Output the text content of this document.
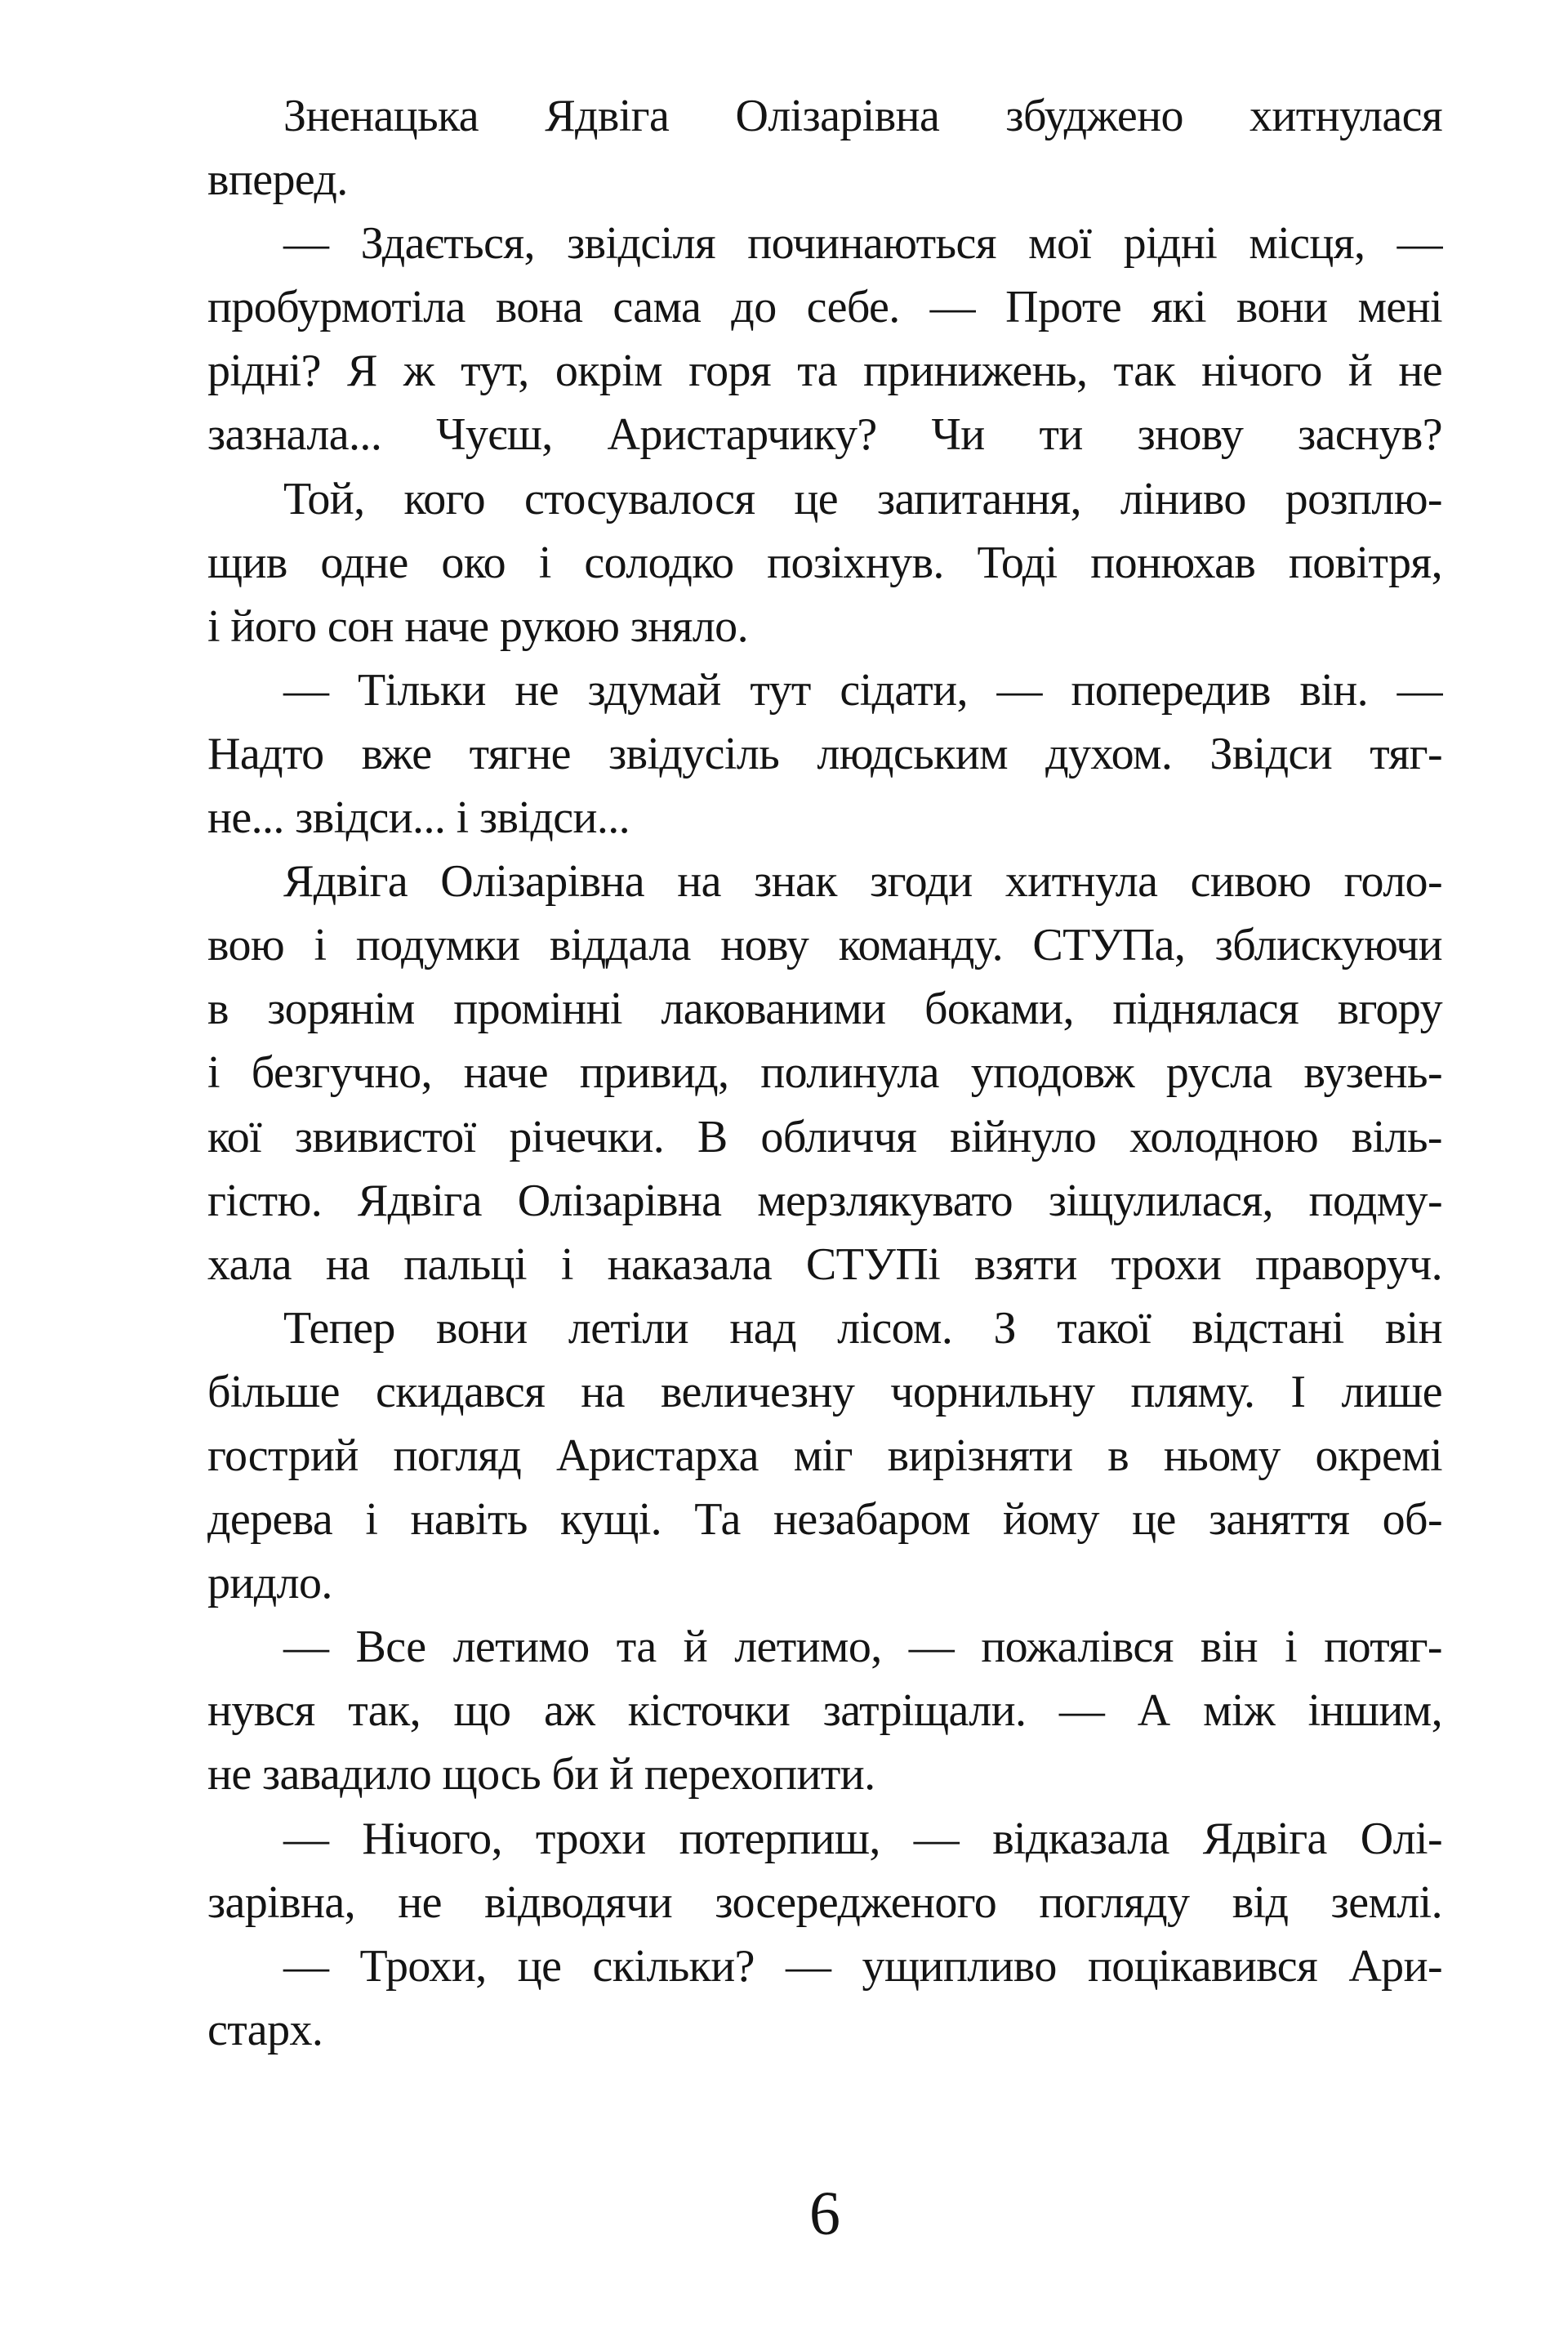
Зненацька Ядвіга Олізарівна збуджено хитнулася
вперед.
— Здається, звідсіля починаються мої рідні місця, —
пробурмотіла вона сама до себе. — Проте які вони мені
рідні? Я ж тут, окрім горя та принижень, так нічого й не
зазнала... Чуєш, Аристарчику? Чи ти знову заснув?
Той, кого стосувалося це запитання, ліниво розплю-
щив одне око і солодко позіхнув. Тоді понюхав повітря,
і його сон наче рукою зняло.
— Тільки не здумай тут сідати, — попередив він. —
Надто вже тягне звідусіль людським духом. Звідси тяг-
не... звідси... і звідси...
Ядвіга Олізарівна на знак згоди хитнула сивою голо-
вою і подумки віддала нову команду. СТУПа, зблискуючи
в зорянім промінні лакованими боками, піднялася вгору
і безгучно, наче привид, полинула уподовж русла вузень-
кої звивистої річечки. В обличчя війнуло холодною віль-
гістю. Ядвіга Олізарівна мерзлякувато зіщулилася, подму-
хала на пальці і наказала СТУПі взяти трохи праворуч.
Тепер вони летіли над лісом. З такої відстані він
більше скидався на величезну чорнильну пляму. І лише
гострий погляд Аристарха міг вирізняти в ньому окремі
дерева і навіть кущі. Та незабаром йому це заняття об-
ридло.
— Все летимо та й летимо, — пожалівся він і потяг-
нувся так, що аж кісточки затріщали. — А між іншим,
не завадило щось би й перехопити.
— Нічого, трохи потерпиш, — відказала Ядвіга Олі-
зарівна, не відводячи зосередженого погляду від землі.
— Трохи, це скільки? — ущипливо поцікавився Ари-
старх.
6
